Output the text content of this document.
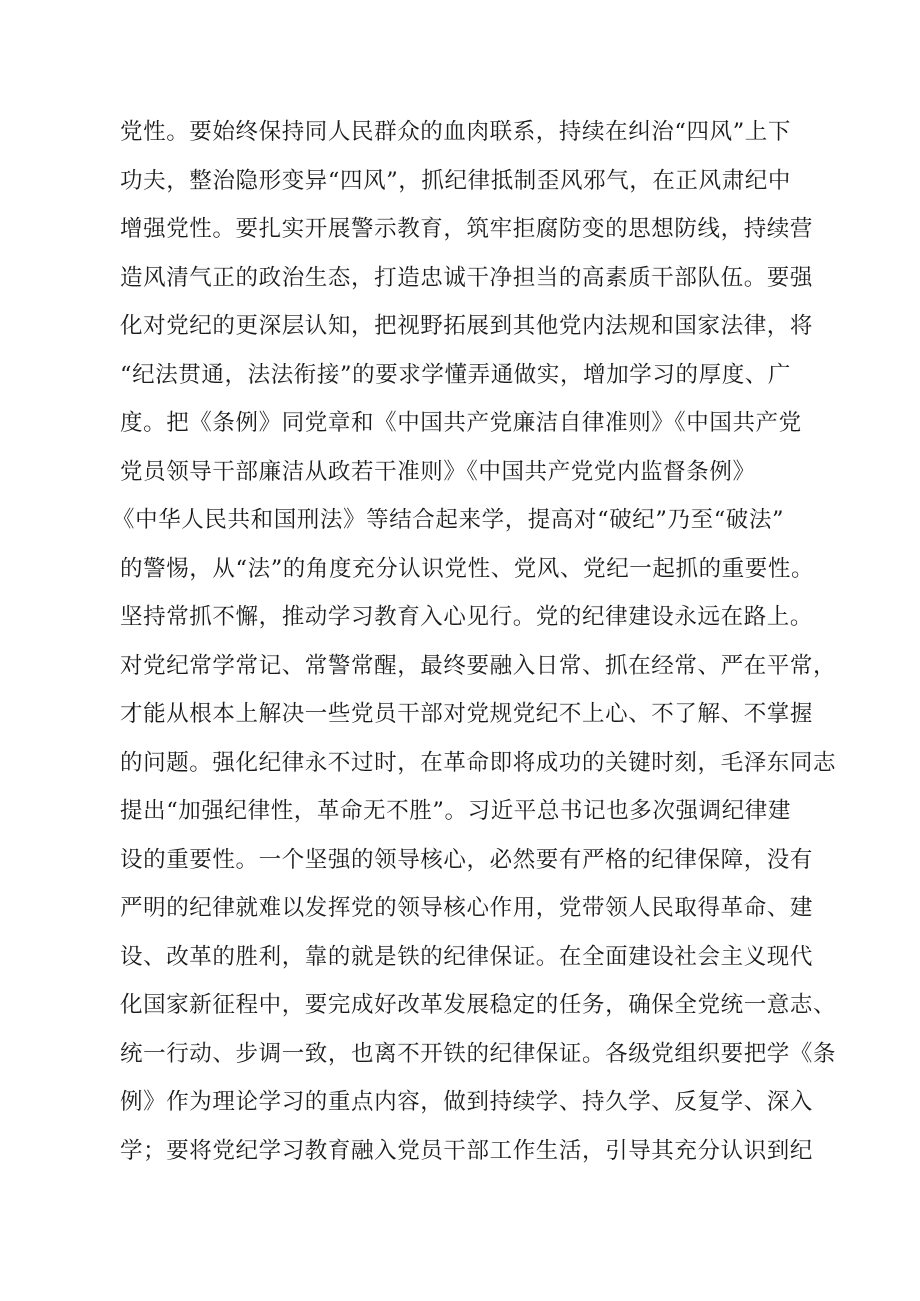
党性。要始终保持同人民群众的血肉联系，持续在纠治“四风”上下
功夫，整治隐形变异“四风”，抓纪律抵制歪风邪气，在正风肃纪中
增强党性。要扎实开展警示教育，筑牢拒腐防变的思想防线，持续营
造风清气正的政治生态，打造忠诚干净担当的高素质干部队伍。要强
化对党纪的更深层认知，把视野拓展到其他党内法规和国家法律，将
“纪法贯通，法法衔接”的要求学懂弄通做实，增加学习的厚度、广
度。把《条例》同党章和《中国共产党廉洁自律准则》《中国共产党
党员领导干部廉洁从政若干准则》《中国共产党党内监督条例》
《中华人民共和国刑法》等结合起来学，提高对“破纪”乃至“破法”
的警惕，从“法”的角度充分认识党性、党风、党纪一起抓的重要性。
坚持常抓不懈，推动学习教育入心见行。党的纪律建设永远在路上。
对党纪常学常记、常警常醒，最终要融入日常、抓在经常、严在平常，
才能从根本上解决一些党员干部对党规党纪不上心、不了解、不掌握
的问题。强化纪律永不过时，在革命即将成功的关键时刻，毛泽东同志
提出“加强纪律性，革命无不胜”。习近平总书记也多次强调纪律建
设的重要性。一个坚强的领导核心，必然要有严格的纪律保障，没有
严明的纪律就难以发挥党的领导核心作用，党带领人民取得革命、建
设、改革的胜利，靠的就是铁的纪律保证。在全面建设社会主义现代
化国家新征程中，要完成好改革发展稳定的任务，确保全党统一意志、
统一行动、步调一致，也离不开铁的纪律保证。各级党组织要把学《条
例》作为理论学习的重点内容，做到持续学、持久学、反复学、深入
学；要将党纪学习教育融入党员干部工作生活，引导其充分认识到纪
